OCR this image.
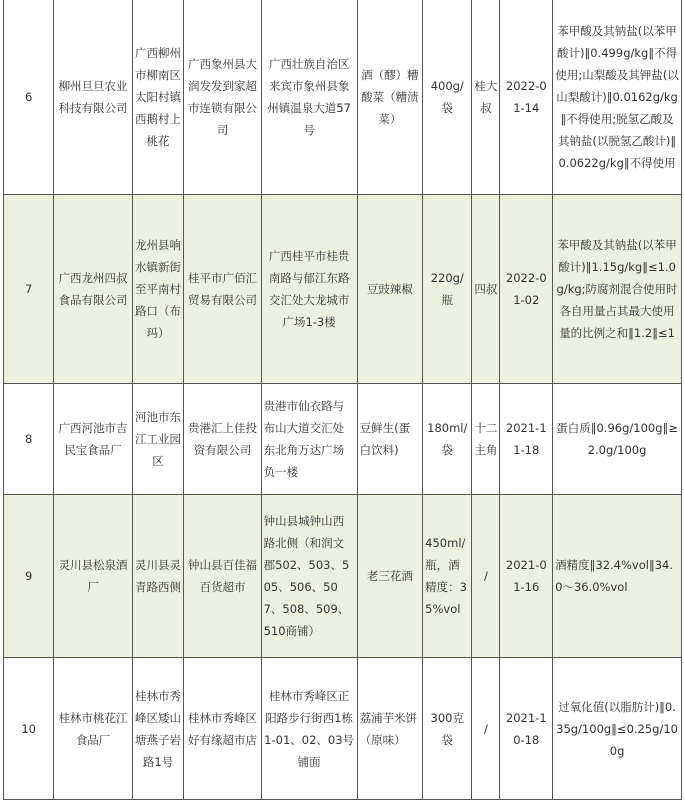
6	柳州旦旦农业科技有限公司	广西柳州市柳南区太阳村镇西鹅村上桃花	广西象州县大润发发到家超市连锁有限公司	广西壮族自治区来宾市象州县象州镇温泉大道57号	酒（醪）糟酸菜（糟渍菜）	400g/袋	桂大叔	2022-01-14	苯甲酸及其钠盐(以苯甲酸计)‖0.499g/kg‖不得使用;山梨酸及其钾盐(以山梨酸计)‖0.0162g/kg‖不得使用;脱氢乙酸及其钠盐(以脱氢乙酸计)‖0.0622g/kg‖不得使用
7	广西龙州四叔食品有限公司	龙州县响水镇新街至平南村路口（布玛）	桂平市广佰汇贸易有限公司	广西桂平市桂贵南路与郁江东路交汇处大龙城市广场1-3楼	豆豉辣椒	220g/瓶	四叔	2022-01-02	苯甲酸及其钠盐(以苯甲酸计)‖1.15g/kg‖≤1.0g/kg;防腐剂混合使用时各自用量占其最大使用量的比例之和‖1.2‖≤1
8	广西河池市吉民宝食品厂	河池市东江工业园区	贵港汇上佳投资有限公司	贵港市仙衣路与布山大道交汇处东北角万达广场负一楼	豆鲜生(蛋白饮料)	180ml/袋	十二主角	2021-11-18	蛋白质‖0.96g/100g‖≥2.0g/100g
9	灵川县松泉酒厂	灵川县灵青路西侧	钟山县百佳福百货超市	钟山县城钟山西路北侧（和润文郡502、503、505、506、507、508、509、510商铺）	老三花酒	450ml/瓶，酒精度：35%vol	/	2021-01-16	酒精度‖32.4%vol‖34.0～36.0%vol
10	桂林市桃花江食品厂	桂林市秀峰区矮山塘燕子岩路1号	桂林市秀峰区好有缘超市店	桂林市秀峰区正阳路步行街西1栋1-01、02、03号铺面	荔浦芋米饼（原味）	300克袋	/	2021-10-18	过氧化值(以脂肪计)‖0.35g/100g‖≤0.25g/100g
